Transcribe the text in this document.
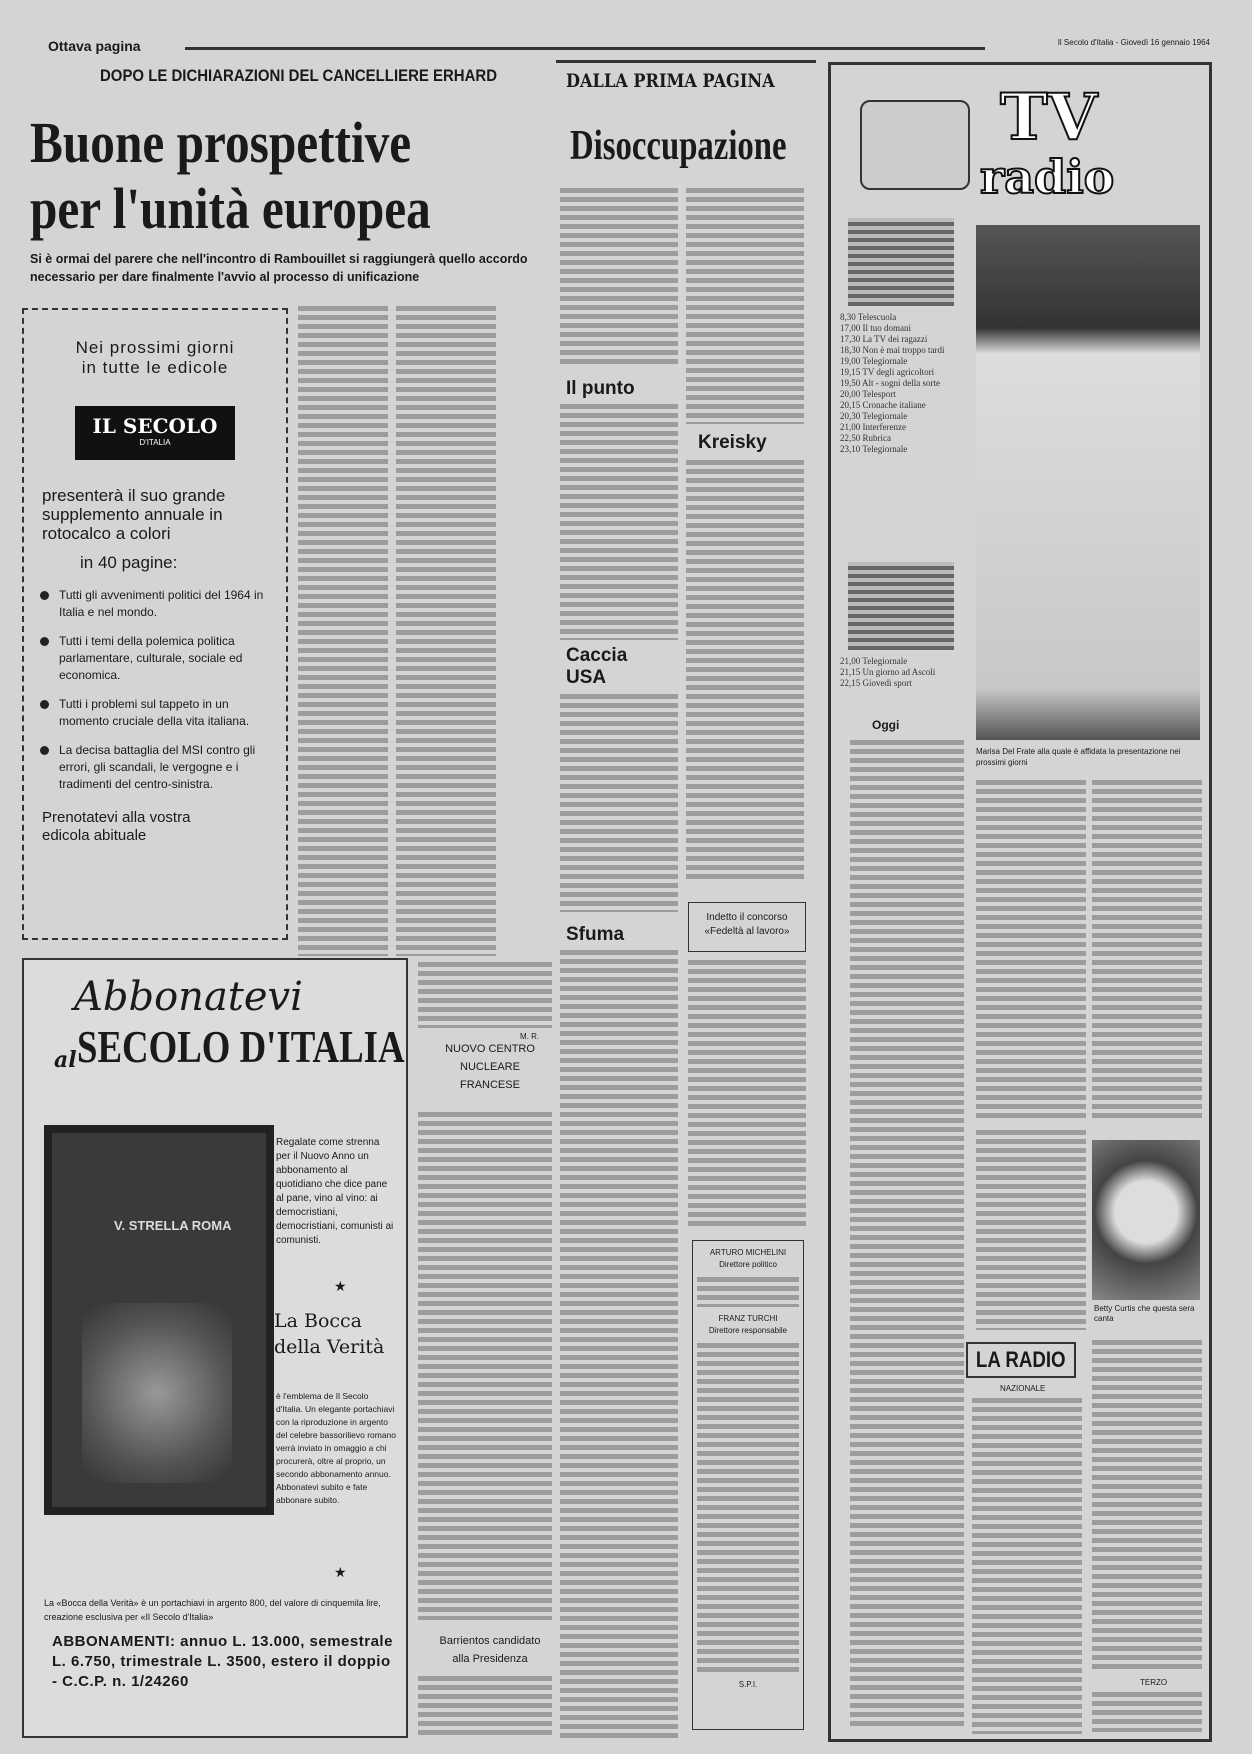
Ottava pagina	Il Secolo d'Italia - Giovedì 16 gennaio 1964
DOPO LE DICHIARAZIONI DEL CANCELLIERE ERHARD
Buone prospettive
per l'unità europea
Si è ormai del parere che nell'incontro di Rambouillet si raggiungerà quello accordo necessario per dare finalmente l'avvio al processo di unificazione
Nei prossimi giorni
in tutte le edicole
IL SECOLO
D'ITALIA
presenterà il suo grande supplemento annuale in rotocalco a colori
in 40 pagine:
Tutti gli avvenimenti politici del 1964 in Italia e nel mondo.
Tutti i temi della polemica politica parlamentare, culturale, sociale ed economica.
Tutti i problemi sul tappeto in un momento cruciale della vita italiana.
La decisa battaglia del MSI contro gli errori, gli scandali, le vergogne e i tradimenti del centro-sinistra.
Prenotatevi alla vostra edicola abituale
Abbonatevi
al SECOLO D'ITALIA
V. STRELLA ROMA
Regalate come strenna per il Nuovo Anno un abbonamento al quotidiano che dice pane al pane, vino al vino: ai democristiani, democristiani, comunisti ai comunisti.
★
La Bocca della Verità
è l'emblema de Il Secolo d'Italia. Un elegante portachiavi con la riproduzione in argento del celebre bassorilievo romano verrà inviato in omaggio a chi procurerà, oltre al proprio, un secondo abbonamento annuo. Abbonatevi subito e fate abbonare subito.
★
La «Bocca della Verità» è un portachiavi in argento 800, del valore di cinquemila lire, creazione esclusiva per «Il Secolo d'Italia»
ABBONAMENTI: annuo L. 13.000, semestrale L. 6.750, trimestrale L. 3500, estero il doppio - C.C.P. n. 1/24260
DALLA PRIMA PAGINA
Disoccupazione
Il punto
Kreisky
Caccia USA
Sfuma
NUOVO CENTRO NUCLEARE FRANCESE
Barrientos candidato alla Presidenza
M. R.
Indetto il concorso «Fedeltà al lavoro»
ARTURO MICHELINI
Direttore politico
FRANZ TURCHI
Direttore responsabile
S.P.I.
TV
radio
8,30 Telescuola
17,00 Il tuo domani
17,30 La TV dei ragazzi
18,30 Non è mai troppo tardi
19,00 Telegiornale
19,15 TV degli agricoltori
19,50 Alt - sogni della sorte
20,00 Telesport
20,15 Cronache italiane
20,30 Telegiornale
21,00 Interferenze
22,50 Rubrica
23,10 Telegiornale
21,00 Telegiornale
21,15 Un giorno ad Ascoli
22,15 Giovedì sport
Marisa Del Frate alla quale è affidata la presentazione nei prossimi giorni
Oggi
Betty Curtis che questa sera canta
LA RADIO
NAZIONALE
TERZO
